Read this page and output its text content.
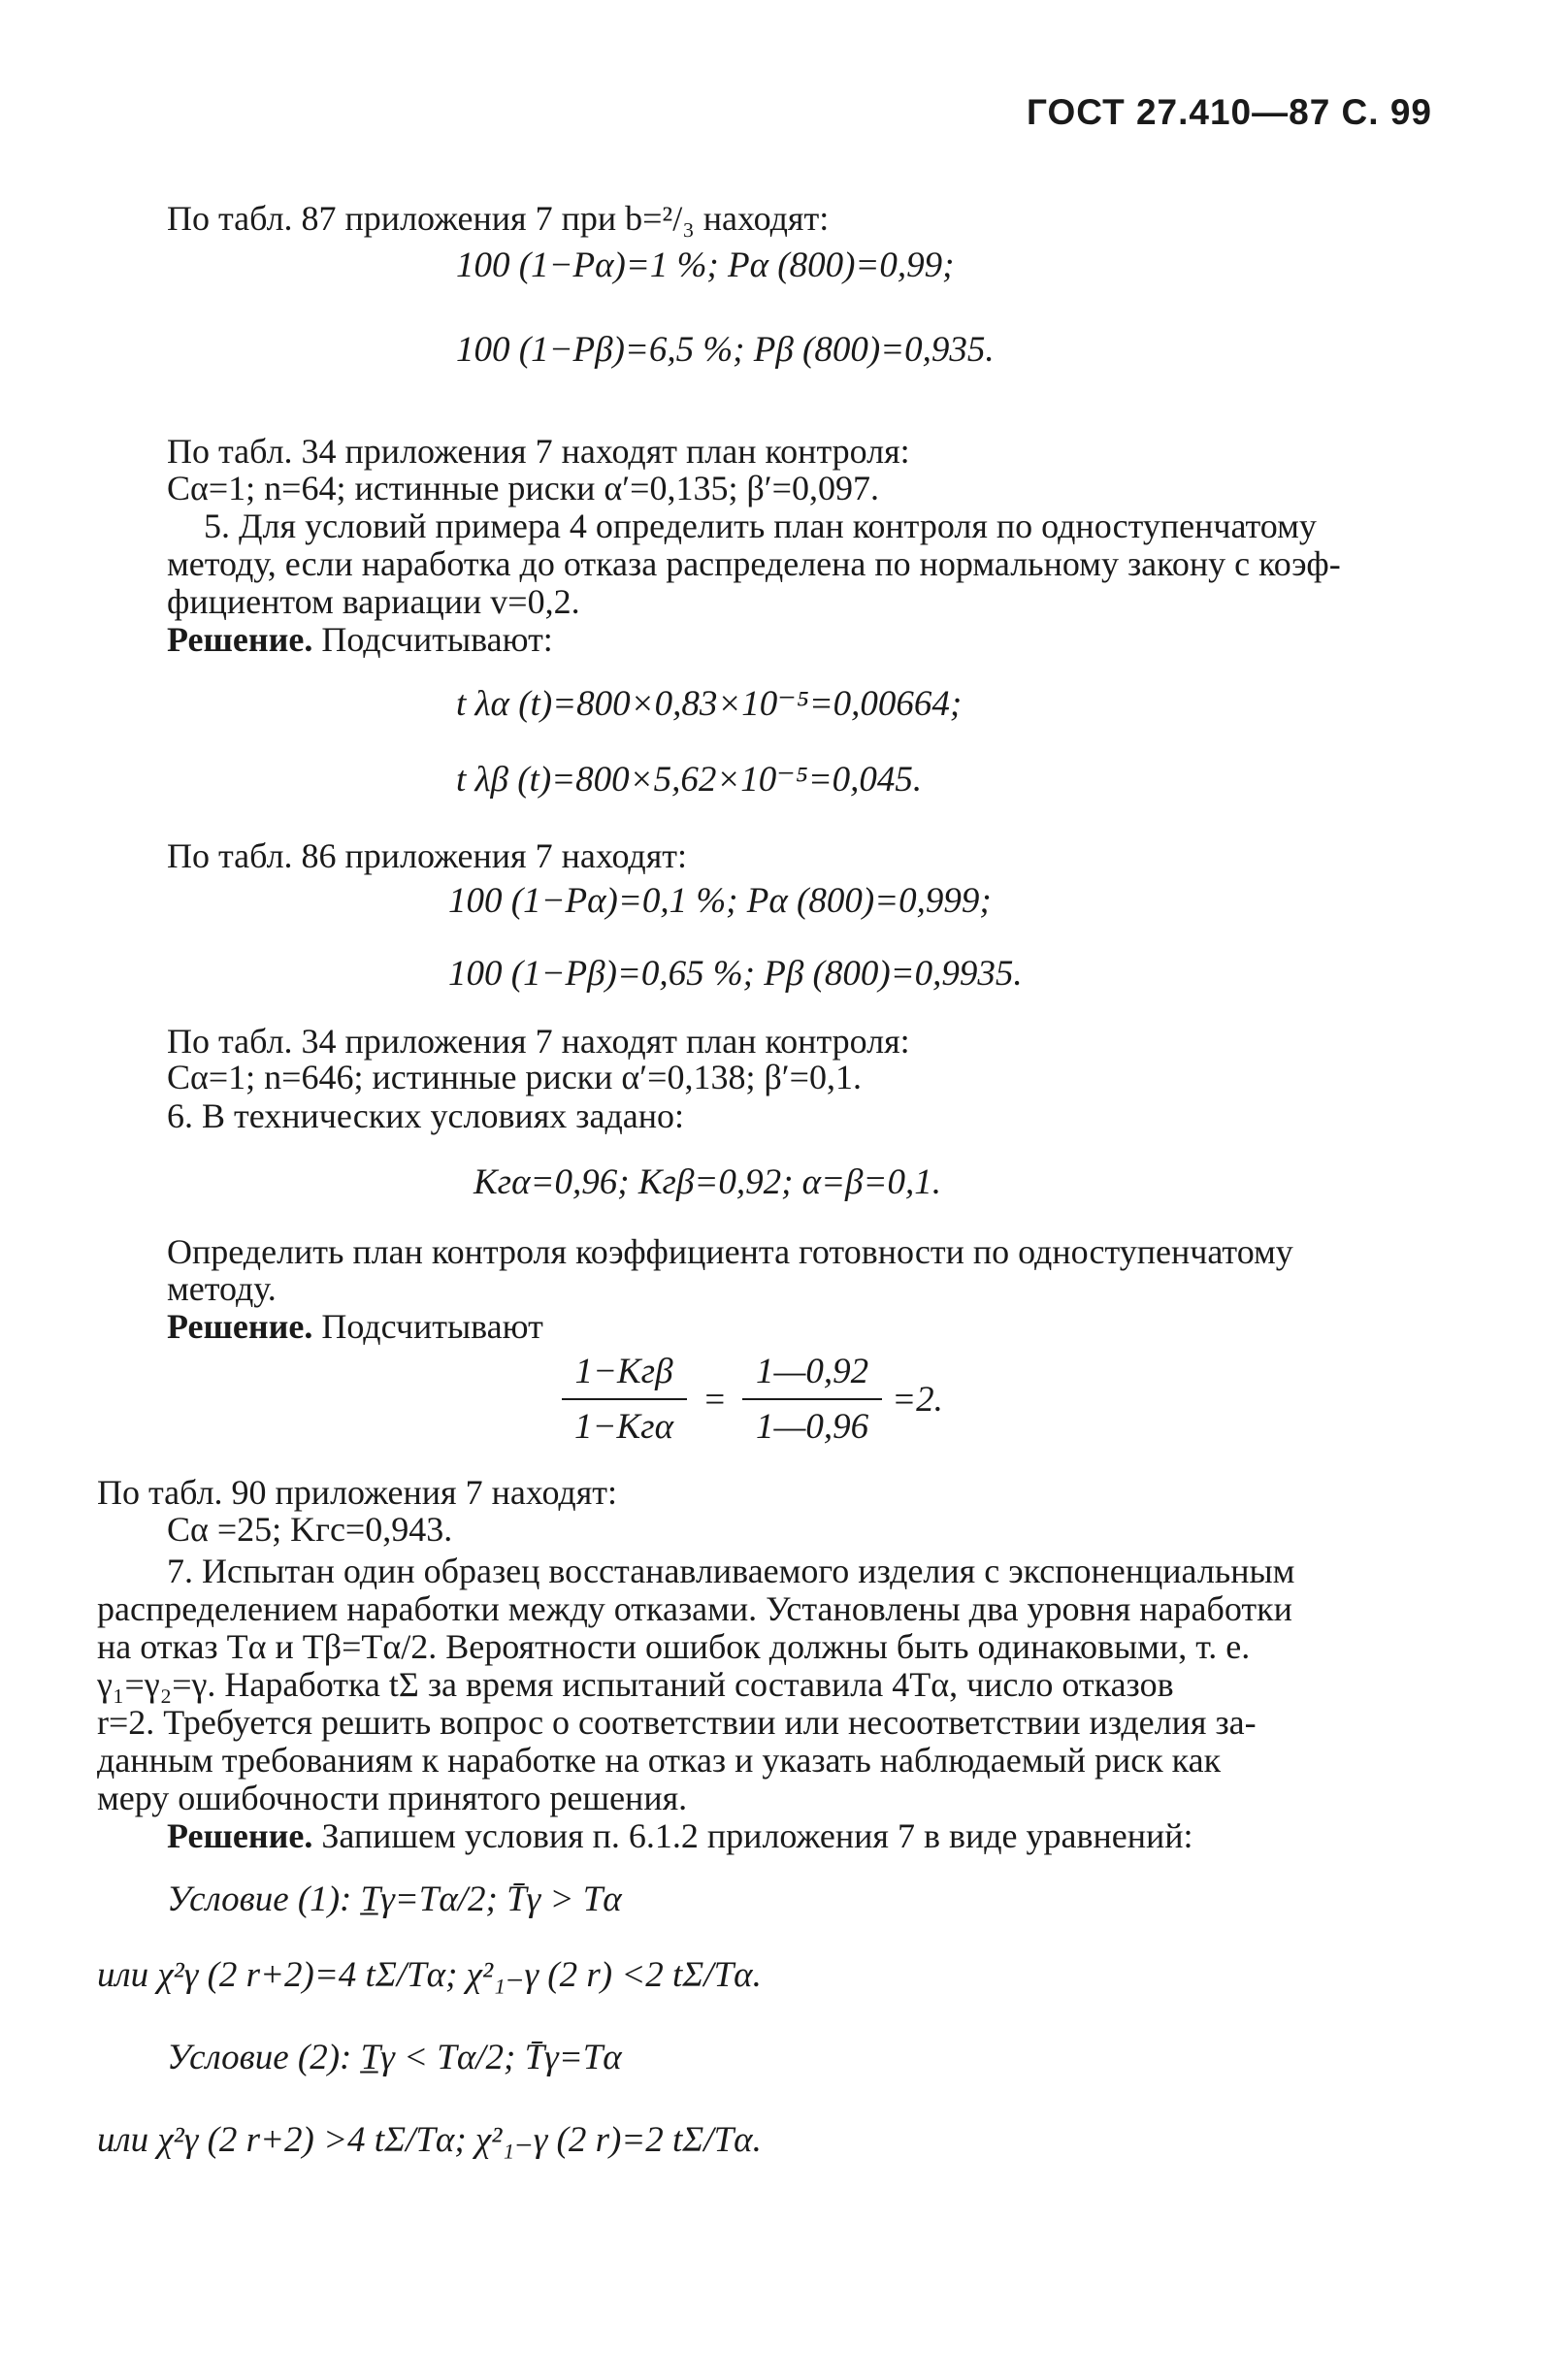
ГОСТ 27.410—87 С. 99
По табл. 87 приложения 7 при b=²/₃ находят:
100 (1−Pα)=1 %; Pα (800)=0,99;
100 (1−Pβ)=6,5 %; Pβ (800)=0,935.
По табл. 34 приложения 7 находят план контроля:
Cα=1; n=64; истинные риски α′=0,135; β′=0,097.
5. Для условий примера 4 определить план контроля по одноступенчатому
методу, если наработка до отказа распределена по нормальному закону с коэф-
фициентом вариации v=0,2.
Решение. Подсчитывают:
t λα (t)=800×0,83×10⁻⁵=0,00664;
t λβ (t)=800×5,62×10⁻⁵=0,045.
По табл. 86 приложения 7 находят:
100 (1−Pα)=0,1 %; Pα (800)=0,999;
100 (1−Pβ)=0,65 %; Pβ (800)=0,9935.
По табл. 34 приложения 7 находят план контроля:
Cα=1; n=646; истинные риски α′=0,138; β′=0,1.
6. В технических условиях задано:
Kгα=0,96; Kгβ=0,92; α=β=0,1.
Определить план контроля коэффициента готовности по одноступенчатому
методу.
Решение. Подсчитывают
$\frac{\text{1−Kгβ}}{\text{1−Kгα}} = \frac{1—0,92}{1—0,96} =2$.
По табл. 90 приложения 7 находят:
Cα =25; Kгc=0,943.
7. Испытан один образец восстанавливаемого изделия с экспоненциальным
распределением наработки между отказами. Установлены два уровня наработки
на отказ Tα и Tβ=Tα/2. Вероятности ошибок должны быть одинаковыми, т. е.
γ₁=γ₂=γ. Наработка tΣ за время испытаний составила 4Tα, число отказов
r=2. Требуется решить вопрос о соответствии или несоответствии изделия за-
данным требованиям к наработке на отказ и указать наблюдаемый риск как
меру ошибочности принятого решения.
Решение. Запишем условия п. 6.1.2 приложения 7 в виде уравнений:
Условие (1): T̲γ=Tα/2; T̄γ > Tα
или χ²γ (2 r+2)=4 tΣ/Tα; χ²₁₋γ (2 r) <2 tΣ/Tα.
Условие (2): T̲γ < Tα/2; T̄γ=Tα
или χ²γ (2 r+2) >4 tΣ/Tα; χ²₁₋γ (2 r)=2 tΣ/Tα.
